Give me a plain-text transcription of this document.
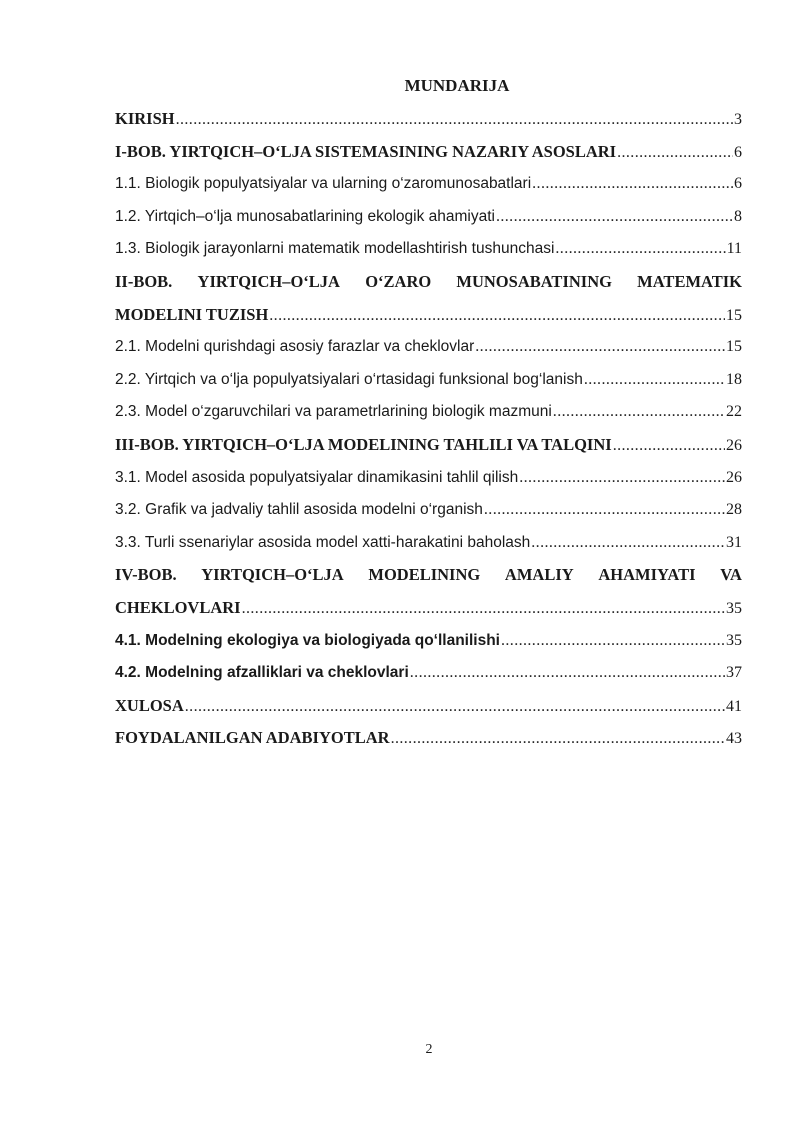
MUNDARIJA
KIRISH .....	3
I-BOB. YIRTQICH–O‘LJA SISTEMASINING NAZARIY ASOSLARI .....	6
1.1. Biologik populyatsiyalar va ularning o‘zaromunosabatlari .....	6
1.2. Yirtqich–o‘lja munosabatlarining ekologik ahamiyati .....	8
1.3. Biologik jarayonlarni matematik modellashtirish tushunchasi .....	11
II-BOB. YIRTQICH–O‘LJA O‘ZARO MUNOSABATINING MATEMATIK
MODELINI TUZISH .....	15
2.1. Modelni qurishdagi asosiy farazlar va cheklovlar .....	15
2.2. Yirtqich va o‘lja populyatsiyalari o‘rtasidagi funksional bog‘lanish .....	18
2.3. Model o‘zgaruvchilari va parametrlarining biologik mazmuni .....	22
III-BOB. YIRTQICH–O‘LJA MODELINING TAHLILI VA TALQINI .....	26
3.1. Model asosida populyatsiyalar dinamikasini tahlil qilish .....	26
3.2. Grafik va jadvaliy tahlil asosida modelni o‘rganish .....	28
3.3. Turli ssenariylar asosida model xatti-harakatini baholash .....	31
IV-BOB. YIRTQICH–O‘LJA MODELINING AMALIY AHAMIYATI VA
CHEKLOVLARI .....	35
4.1. Modelning ekologiya va biologiyada qo‘llanilishi .....	35
4.2. Modelning afzalliklari va cheklovlari .....	37
XULOSA .....	41
FOYDALANILGAN ADABIYOTLAR .....	43
2
